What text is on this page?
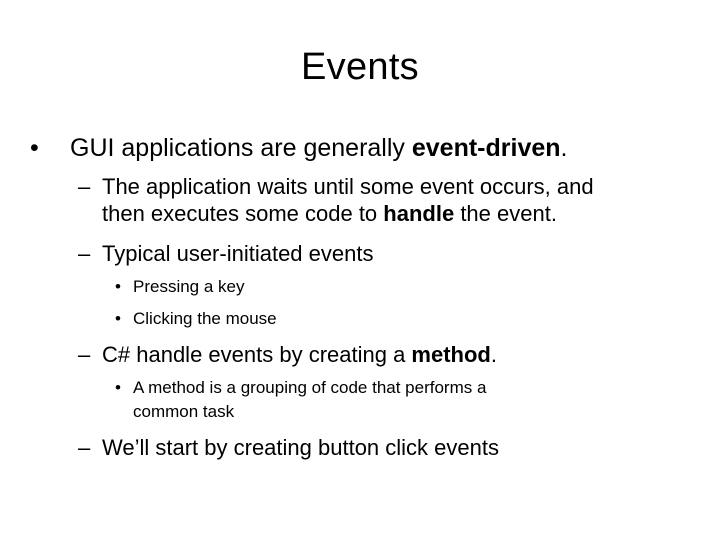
Events
• GUI applications are generally event-driven.
– The application waits until some event occurs, and
then executes some code to handle the event.
– Typical user-initiated events
• Pressing a key
• Clicking the mouse
– C# handle events by creating a method.
• A method is a grouping of code that performs a
common task
– We’ll start by creating button click events
